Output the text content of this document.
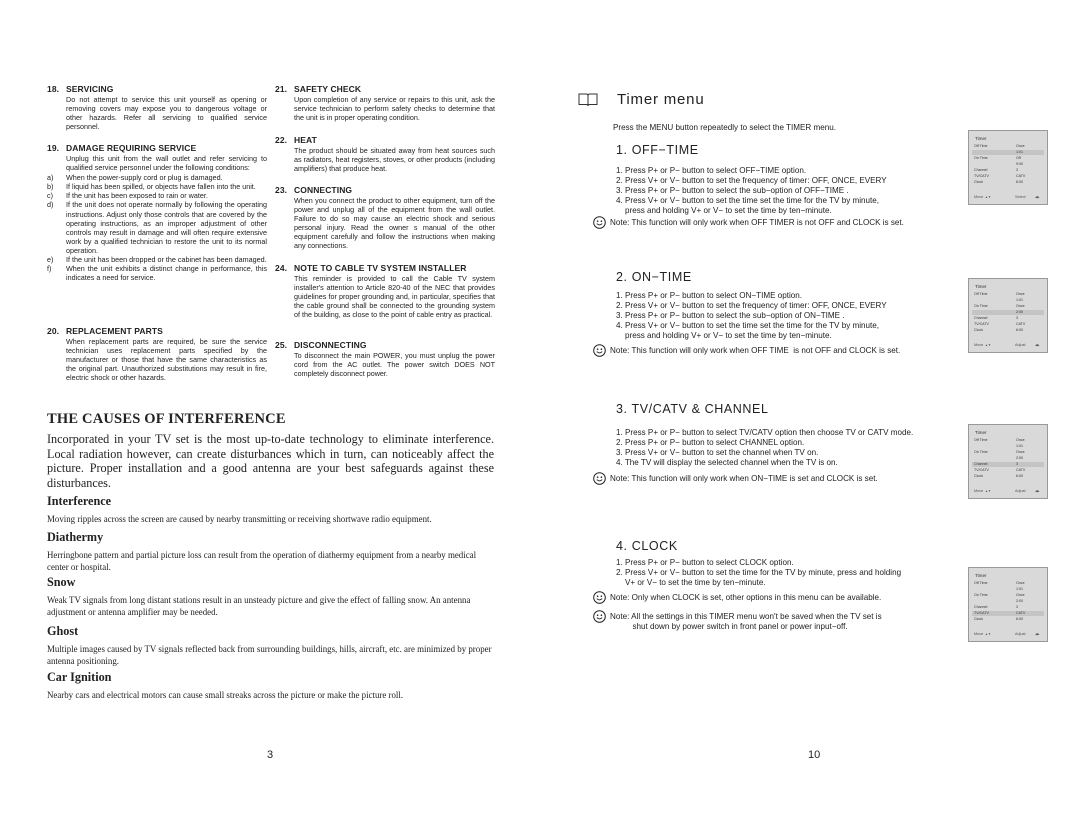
18. SERVICING
Do not attempt to service this unit yourself as opening or removing covers may expose you to dangerous voltage or other hazards. Refer all servicing to qualified service personnel.
19. DAMAGE REQUIRING SERVICE
Unplug this unit from the wall outlet and refer servicing to qualified service personnel under the following conditions:
a)	When the power-supply cord or plug is damaged.
b)	If liquid has been spilled, or objects have fallen into the unit.
c)	If the unit has been exposed to rain or water.
d)	If the unit does not operate normally by following the operating instructions. Adjust only those controls that are covered by the operating instructions, as an improper adjustment of other controls may result in damage and will often require extensive work by a qualified technician to restore the unit to its normal operation.
e)	If the unit has been dropped or the cabinet has been damaged.
f)	When the unit exhibits a distinct change in performance, this indicates a need for service.
20. REPLACEMENT PARTS
When replacement parts are required, be sure the service technician uses replacement parts specified by the manufacturer or those that have the same characteristics as the original part. Unauthorized substitutions may result in fire, electric shock or other hazards.
21. SAFETY CHECK
Upon completion of any service or repairs to this unit, ask the service technician to perform safety checks to determine that the unit is in proper operating condition.
22. HEAT
The product should be situated away from heat sources such as radiators, heat registers, stoves, or other products (including amplifiers) that produce heat.
23. CONNECTING
When you connect the product to other equipment, turn off the power and unplug all of the equipment from the wall outlet. Failure to do so may cause an electric shock and serious personal injury. Read the owner s manual of the other equipment carefully and follow the instructions when making any connections.
24. NOTE TO CABLE TV SYSTEM INSTALLER
This reminder is provided to call the Cable TV system installer's attention to Article 820-40 of the NEC that provides guidelines for proper grounding and, in particular, specifies that the cable ground shall be connected to the grounding system of the building, as close to the point of cable entry as practical.
25. DISCONNECTING
To disconnect the main POWER, you must unplug the power cord from the AC outlet. The power switch DOES NOT completely disconnect power.
THE CAUSES OF INTERFERENCE
Incorporated in your TV set is the most up-to-date technology to eliminate interference. Local radiation however, can create disturbances which in turn, can noticeably affect the picture. Proper installation and a good antenna are your best safeguards against these disturbances.
Interference
Moving ripples across the screen are caused by nearby transmitting or receiving shortwave radio equipment.
Diathermy
Herringbone pattern and partial picture loss can result from the operation of diathermy equipment from a nearby medical center or hospital.
Snow
Weak TV signals from long distant stations result in an unsteady picture and give the effect of falling snow. An antenna adjustment or antenna amplifier may be needed.
Ghost
Multiple images caused by TV signals reflected back from surrounding buildings, hills, aircraft, etc. are minimized by proper antenna positioning.
Car Ignition
Nearby cars and electrical motors can cause small streaks across the picture or make the picture roll.
3
Timer menu
Press the MENU button repeatedly to select the TIMER menu.
1. OFF−TIME
1. Press P+ or P− button to select OFF−TIME option.
2. Press V+ or V− button to set the frequency of timer: OFF, ONCE, EVERY
3. Press P+ or P− button to select the sub−option of OFF−TIME .
4. Press V+ or V− button to set the time set the time for the TV by minute,
press and holding V+ or V− to set the time by ten−minute.
Note: This function will only work when OFF TIMER is not OFF and CLOCK is set.
2. ON−TIME
1. Press P+ or P− button to select ON−TIME option.
2. Press V+ or V− button to set the frequency of timer: OFF, ONCE, EVERY
3. Press P+ or P− button to select the sub−option of ON−TIME .
4. Press V+ or V− button to set the time set the time for the TV by minute,
press and holding V+ or V− to set the time by ten−minute.
Note: This function will only work when OFF TIME  is not OFF and CLOCK is set.
3. TV/CATV & CHANNEL
1. Press P+ or P− button to select TV/CATV option then choose TV or CATV mode.
2. Press P+ or P− button to select CHANNEL option.
3. Press V+ or V− button to set the channel when TV on.
4. The TV will display the selected channel when the TV is on.
Note: This function will only work when ON−TIME is set and CLOCK is set.
4. CLOCK
1. Press P+ or P− button to select CLOCK option.
2. Press V+ or V− button to set the time for the TV by minute, press and holding
V+ or V− to set the time by ten−minute.
Note: Only when CLOCK is set, other options in this menu can be available.
Note: All the settings in this TIMER menu won't be saved when the TV set is
shut down by power switch in front panel or power input−off.
Timer
Off Time	Once
1:01
On Time	Off
9:00
Channel	3
TV/CATV	CATV
Clock	6:00
Move ▲▼	Select	◀▶
Timer
Off Time	Once
1:01
On Time	Once
2:00
Channel	3
TV/CATV	CATV
Clock	6:00
Move ▲▼	Adjust	◀▶
Timer
Off Time	Once
1:01
On Time	Once
2:00
Channel	3
TV/CATV	CATV
Clock	6:00
Move ▲▼	Adjust	◀▶
Timer
Off Time	Once
1:01
On Time	Once
2:00
Channel	3
TV/CATV	CATV
Clock	6:00
Move ▲▼	Adjust	◀▶
10
